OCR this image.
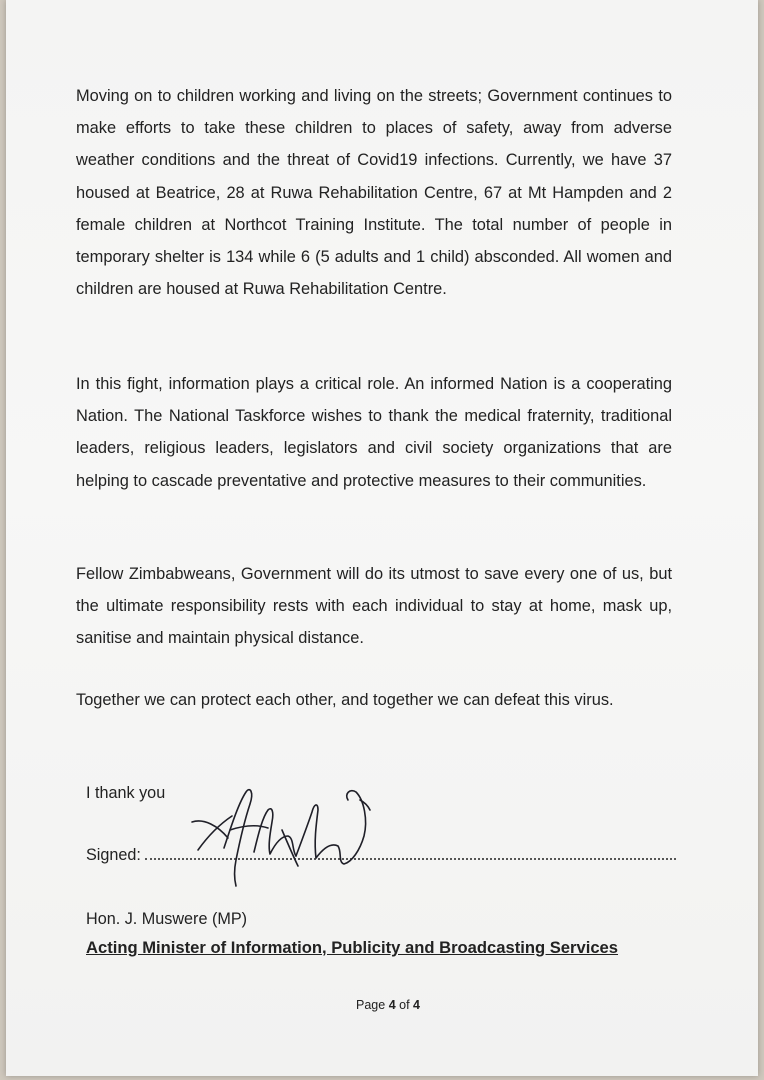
Moving on to children working and living on the streets; Government continues to make efforts to take these children to places of safety, away from adverse weather conditions and the threat of Covid19 infections. Currently, we have 37 housed at Beatrice, 28 at Ruwa Rehabilitation Centre, 67 at Mt Hampden and 2 female children at Northcot Training Institute. The total number of people in temporary shelter is 134 while 6 (5 adults and 1 child) absconded. All women and children are housed at Ruwa Rehabilitation Centre.

In this fight, information plays a critical role. An informed Nation is a cooperating Nation. The National Taskforce wishes to thank the medical fraternity, traditional leaders, religious leaders, legislators and civil society organizations that are helping to cascade preventative and protective measures to their communities.

Fellow Zimbabweans, Government will do its utmost to save every one of us, but the ultimate responsibility rests with each individual to stay at home, mask up, sanitise and maintain physical distance.

Together we can protect each other, and together we can defeat this virus.

I thank you
Signed:
Hon. J. Muswere (MP)
Acting Minister of Information, Publicity and Broadcasting Services
Page 4 of 4
